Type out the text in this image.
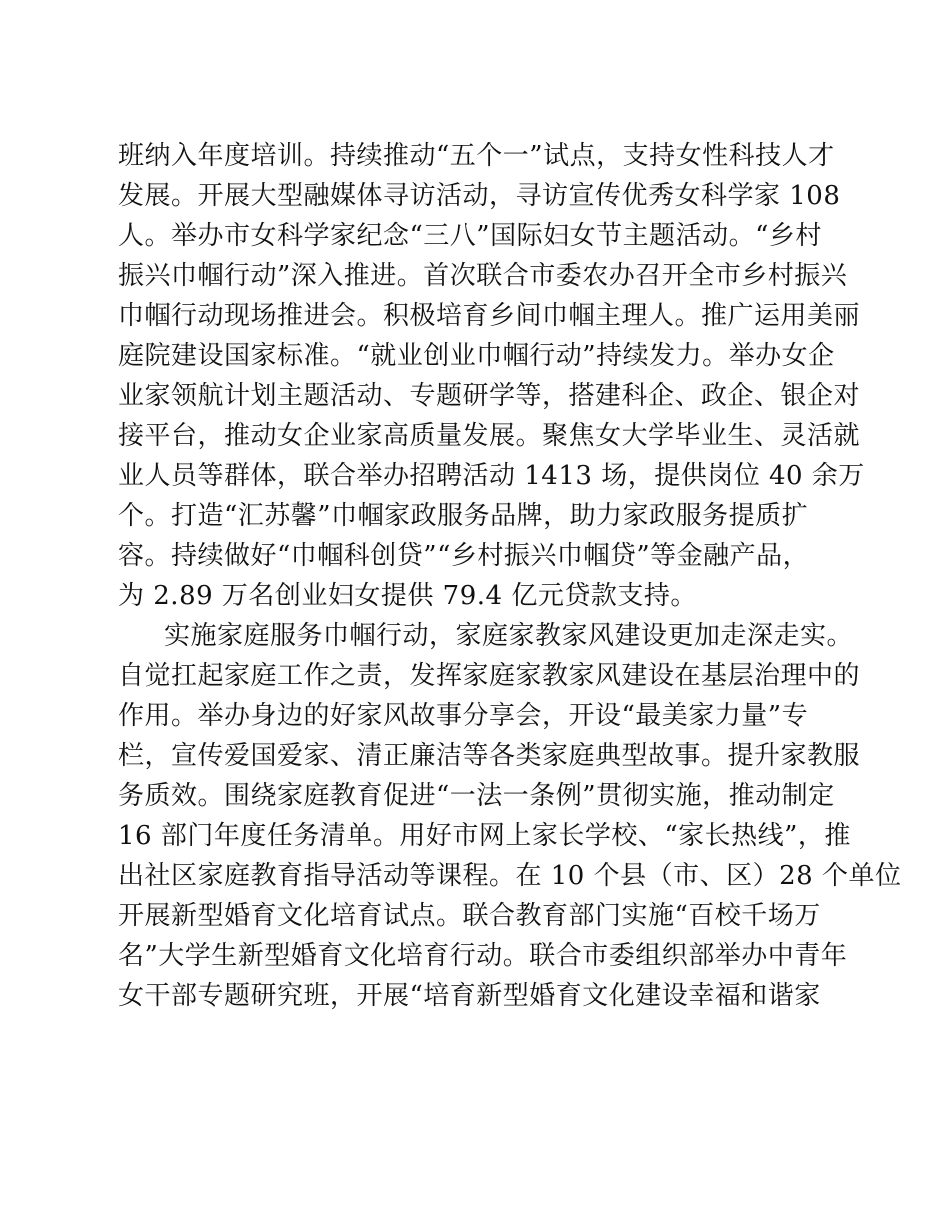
班纳入年度培训。持续推动“五个一”试点，支持女性科技人才
发展。开展大型融媒体寻访活动，寻访宣传优秀女科学家 108
人。举办市女科学家纪念“三八”国际妇女节主题活动。“乡村
振兴巾帼行动”深入推进。首次联合市委农办召开全市乡村振兴
巾帼行动现场推进会。积极培育乡间巾帼主理人。推广运用美丽
庭院建设国家标准。“就业创业巾帼行动”持续发力。举办女企
业家领航计划主题活动、专题研学等，搭建科企、政企、银企对
接平台，推动女企业家高质量发展。聚焦女大学毕业生、灵活就
业人员等群体，联合举办招聘活动 1413 场，提供岗位 40 余万
个。打造“汇苏馨”巾帼家政服务品牌，助力家政服务提质扩
容。持续做好“巾帼科创贷”“乡村振兴巾帼贷”等金融产品，
为 2.89 万名创业妇女提供 79.4 亿元贷款支持。
实施家庭服务巾帼行动，家庭家教家风建设更加走深走实。
自觉扛起家庭工作之责，发挥家庭家教家风建设在基层治理中的
作用。举办身边的好家风故事分享会，开设“最美家力量”专
栏，宣传爱国爱家、清正廉洁等各类家庭典型故事。提升家教服
务质效。围绕家庭教育促进“一法一条例”贯彻实施，推动制定
16 部门年度任务清单。用好市网上家长学校、“家长热线”，推
出社区家庭教育指导活动等课程。在 10 个县（市、区）28 个单位
开展新型婚育文化培育试点。联合教育部门实施“百校千场万
名”大学生新型婚育文化培育行动。联合市委组织部举办中青年
女干部专题研究班，开展“培育新型婚育文化建设幸福和谐家
